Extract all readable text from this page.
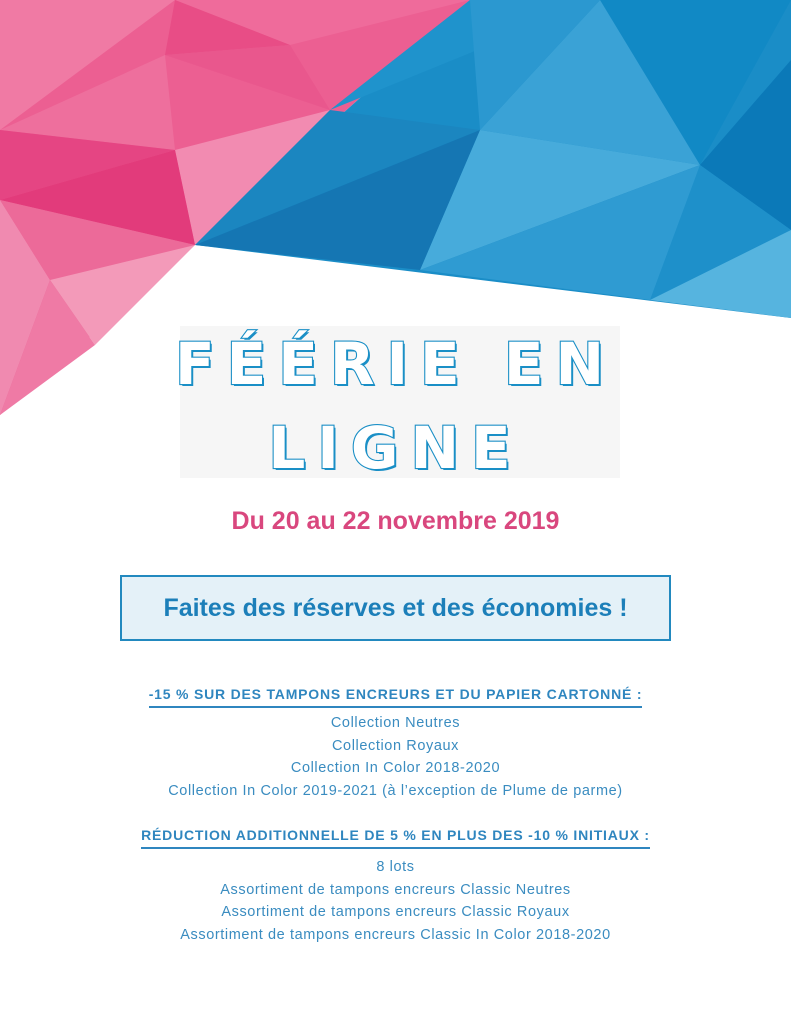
FÉÉRIE EN
LIGNE
Du 20 au 22 novembre 2019
Faites des réserves et des économies !
-15 % SUR DES TAMPONS ENCREURS ET DU PAPIER CARTONNÉ :
Collection Neutres
Collection Royaux
Collection In Color 2018-2020
Collection In Color 2019-2021 (à l’exception de Plume de parme)
RÉDUCTION ADDITIONNELLE DE 5 % EN PLUS DES -10 % INITIAUX :
8 lots
Assortiment de tampons encreurs Classic Neutres
Assortiment de tampons encreurs Classic Royaux
Assortiment de tampons encreurs Classic In Color 2018-2020
